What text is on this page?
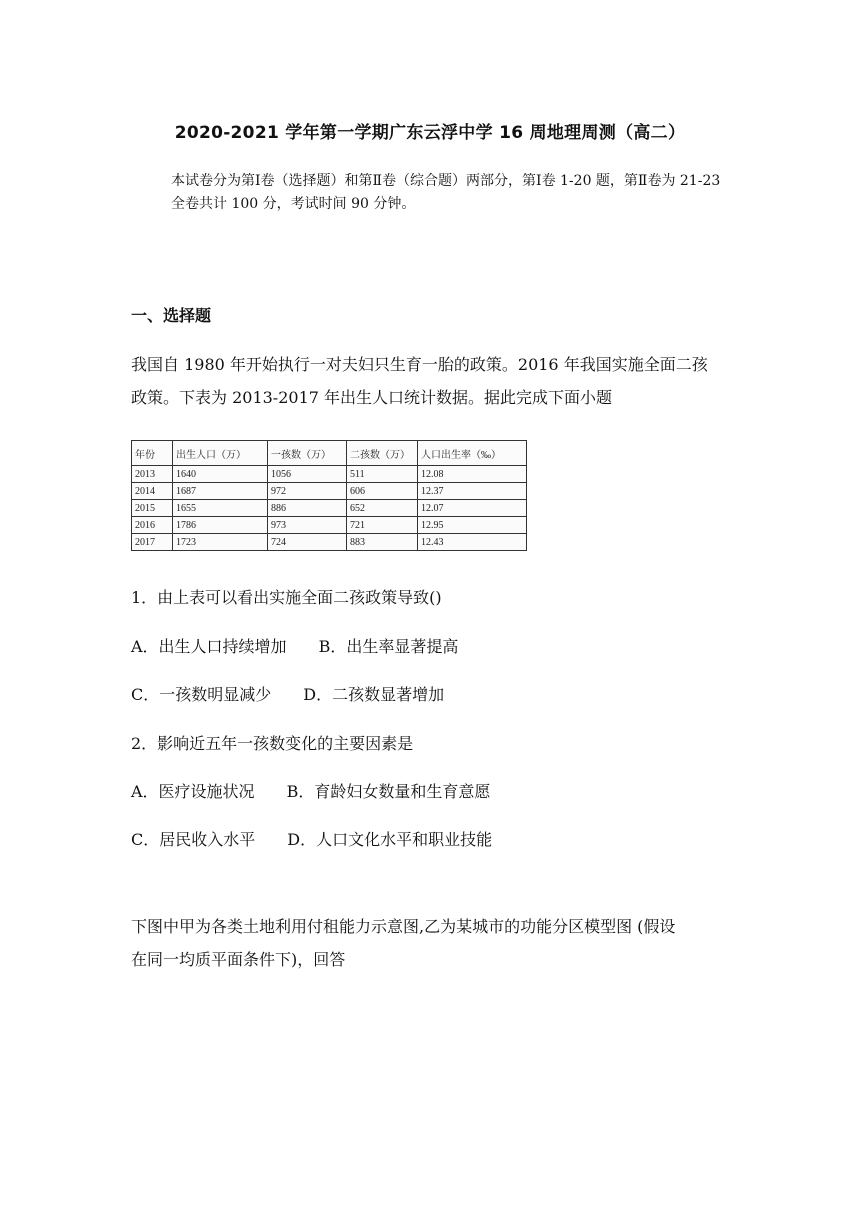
2020-2021 学年第一学期广东云浮中学 16 周地理周测（高二）
本试卷分为第Ⅰ卷（选择题）和第Ⅱ卷（综合题）两部分，第Ⅰ卷 1-20 题，第Ⅱ卷为 21-23
全卷共计 100 分，考试时间 90 分钟。
一、选择题
我国自 1980 年开始执行一对夫妇只生育一胎的政策。2016 年我国实施全面二孩
政策。下表为 2013-2017 年出生人口统计数据。据此完成下面小题
年份	出生人口（万）	一孩数（万）	二孩数（万）	人口出生率（‰）
2013	1640	1056	511	12.08
2014	1687	972	606	12.37
2015	1655	886	652	12.07
2016	1786	973	721	12.95
2017	1723	724	883	12.43
1．由上表可以看出实施全面二孩政策导致()
A．出生人口持续增加 B．出生率显著提高
C．一孩数明显减少 D．二孩数显著增加
2．影响近五年一孩数变化的主要因素是
A．医疗设施状况 B．育龄妇女数量和生育意愿
C．居民收入水平 D．人口文化水平和职业技能
下图中甲为各类土地利用付租能力示意图,乙为某城市的功能分区模型图 (假设
在同一均质平面条件下)，回答
